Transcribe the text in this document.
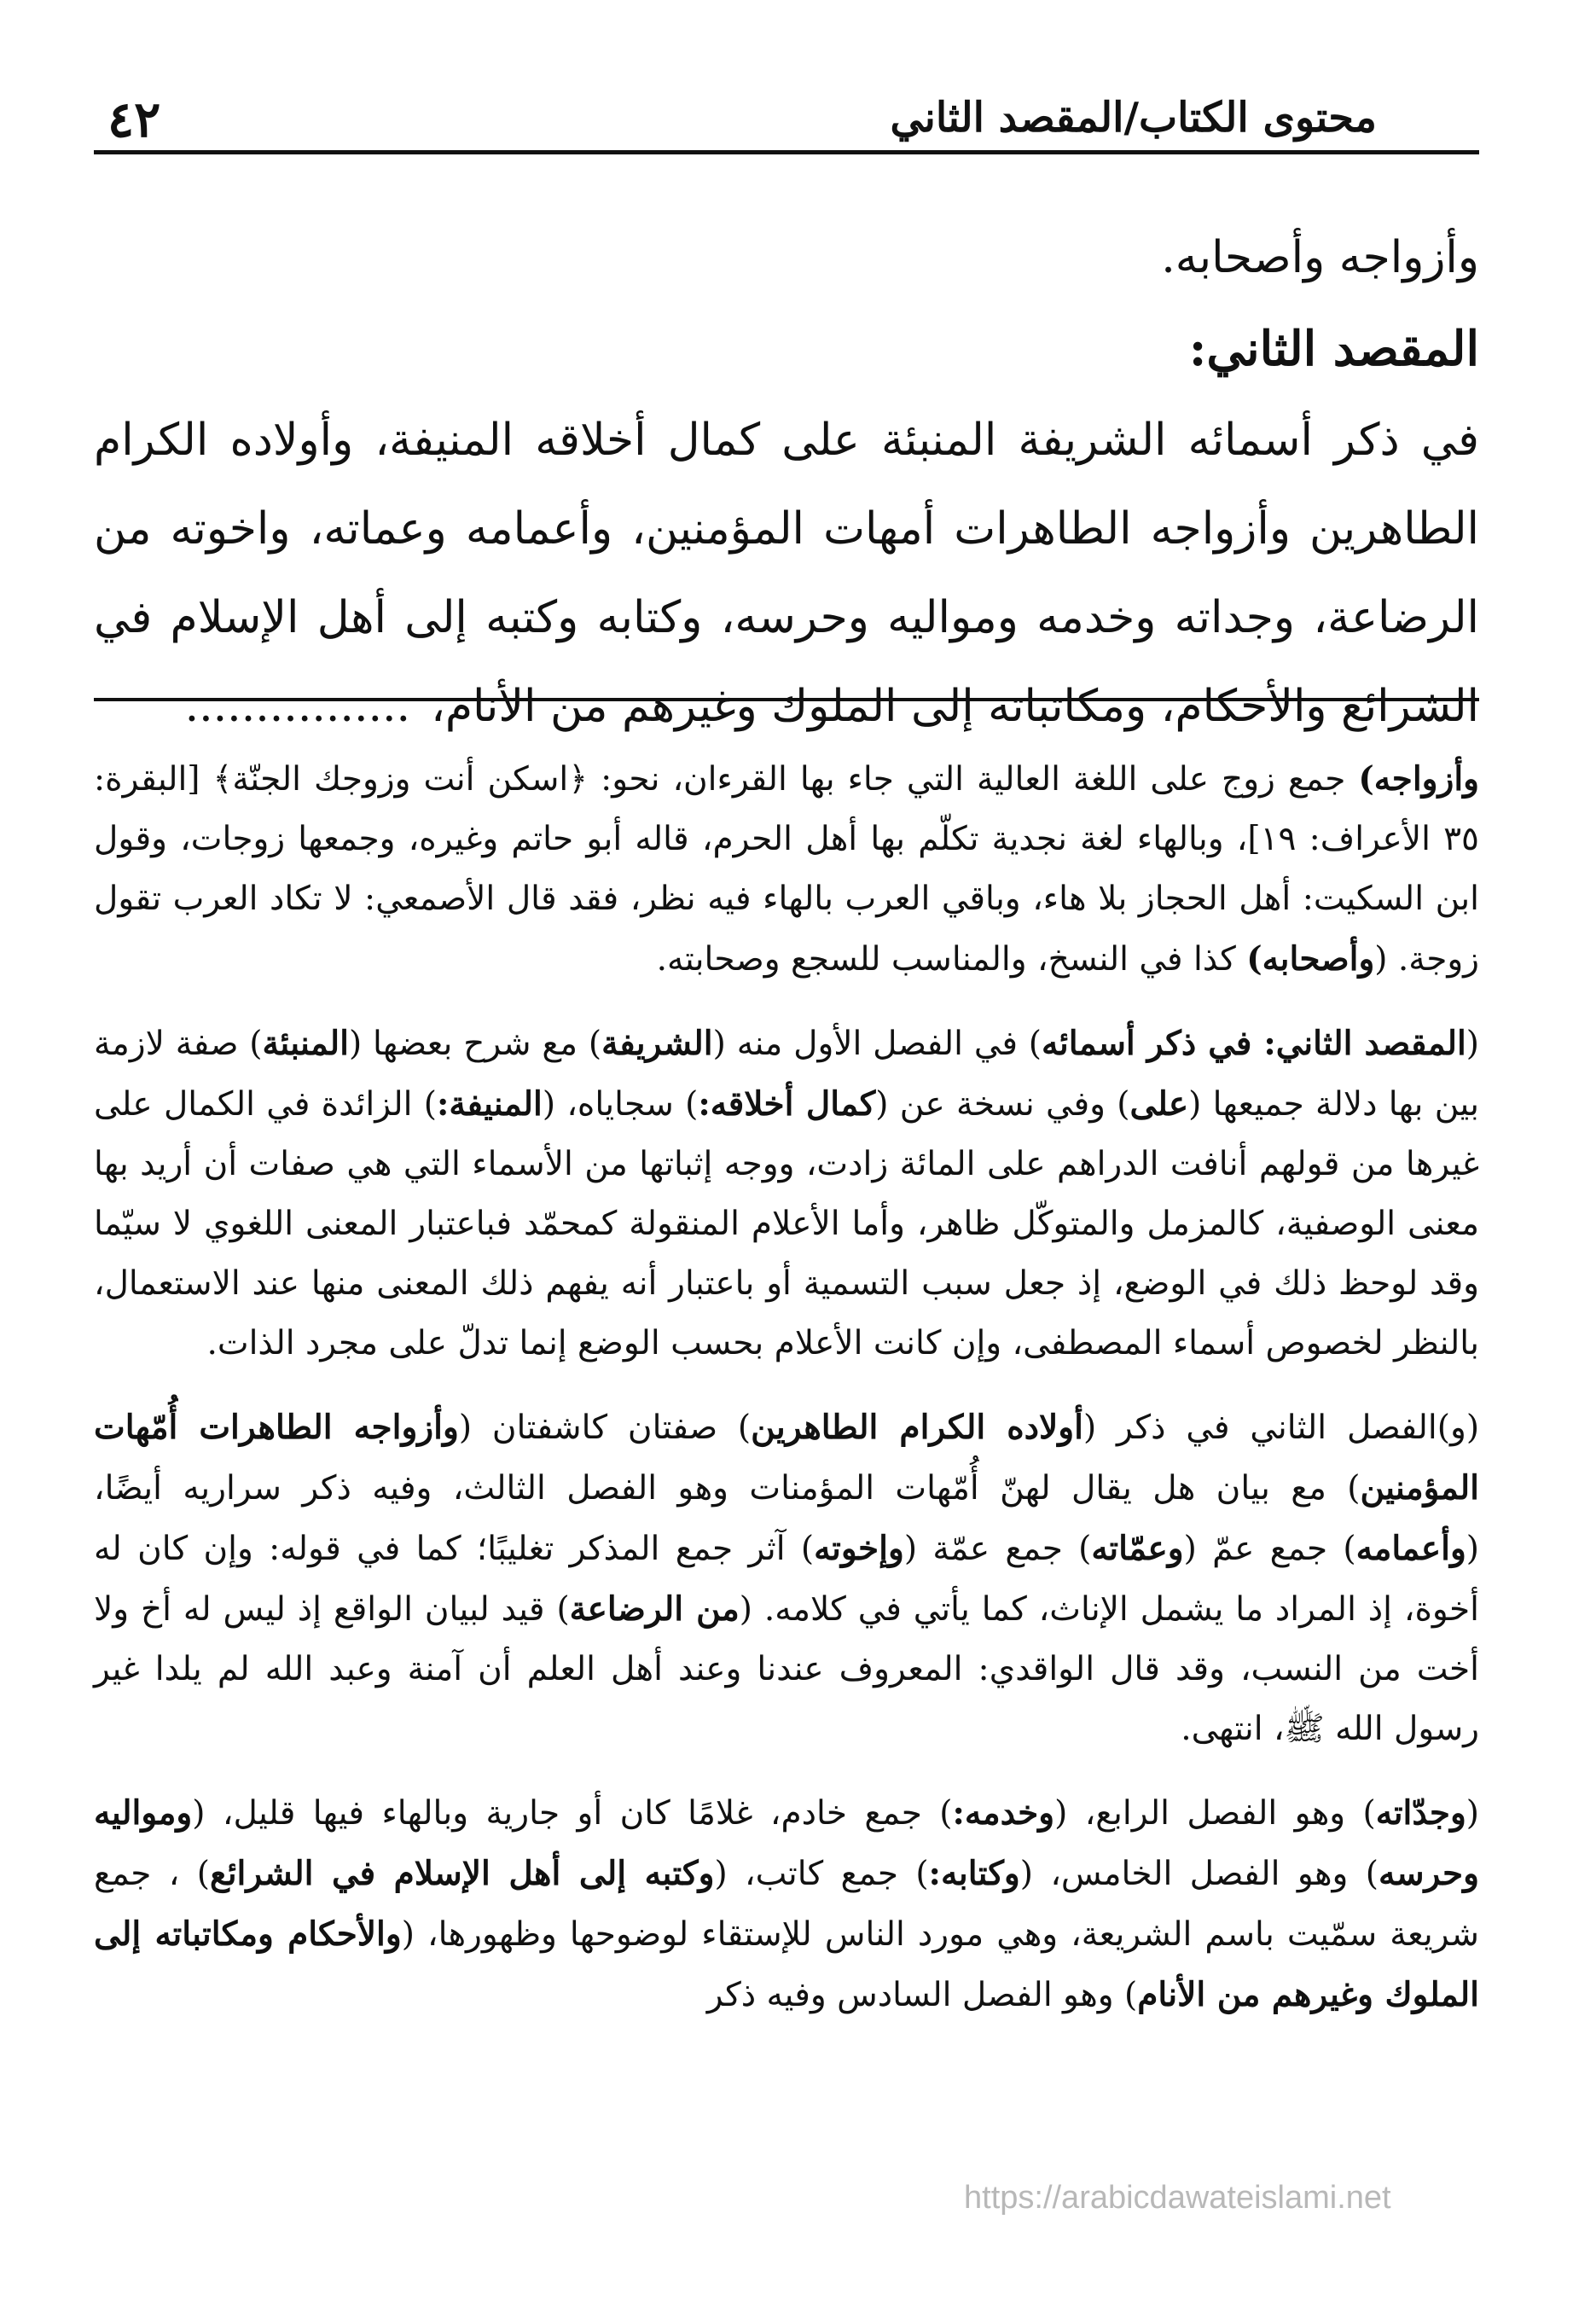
٤٢	محتوى الكتاب/المقصد الثاني

وأزواجه وأصحابه.

المقصد الثاني:

في ذكر أسمائه الشريفة المنبئة على كمال أخلاقه المنيفة، وأولاده الكرام الطاهرين وأزواجه الطاهرات أمهات المؤمنين، وأعمامه وعماته، واخوته من الرضاعة، وجداته وخدمه ومواليه وحرسه، وكتابه وكتبه إلى أهل الإسلام في الشرائع والأحكام، ومكاتباته إلى الملوك وغيرهم من الأنام،................

وأزواجه) جمع زوج على اللغة العالية التي جاء بها القرءان، نحو: ﴿اسكن أنت وزوجك الجنّة﴾ [البقرة: ٣٥ الأعراف: ١٩]، وبالهاء لغة نجدية تكلّم بها أهل الحرم، قاله أبو حاتم وغيره، وجمعها زوجات، وقول ابن السكيت: أهل الحجاز بلا هاء، وباقي العرب بالهاء فيه نظر، فقد قال الأصمعي: لا تكاد العرب تقول زوجة. (وأصحابه) كذا في النسخ، والمناسب للسجع وصحابته.

(المقصد الثاني: في ذكر أسمائه) في الفصل الأول منه (الشريفة) مع شرح بعضها (المنبئة) صفة لازمة بين بها دلالة جميعها (على) وفي نسخة عن (كمال أخلاقه:) سجاياه، (المنيفة:) الزائدة في الكمال على غيرها من قولهم أنافت الدراهم على المائة زادت، ووجه إثباتها من الأسماء التي هي صفات أن أريد بها معنى الوصفية، كالمزمل والمتوكّل ظاهر، وأما الأعلام المنقولة كمحمّد فباعتبار المعنى اللغوي لا سيّما وقد لوحظ ذلك في الوضع، إذ جعل سبب التسمية أو باعتبار أنه يفهم ذلك المعنى منها عند الاستعمال، بالنظر لخصوص أسماء المصطفى، وإن كانت الأعلام بحسب الوضع إنما تدلّ على مجرد الذات.

(و)الفصل الثاني في ذكر (أولاده الكرام الطاهرين) صفتان كاشفتان (وأزواجه الطاهرات أُمّهات المؤمنين) مع بيان هل يقال لهنّ أُمّهات المؤمنات وهو الفصل الثالث، وفيه ذكر سراريه أيضًا، (وأعمامه) جمع عمّ (وعمّاته) جمع عمّة (وإخوته) آثر جمع المذكر تغليبًا؛ كما في قوله: وإن كان له أخوة، إذ المراد ما يشمل الإناث، كما يأتي في كلامه. (من الرضاعة) قيد لبيان الواقع إذ ليس له أخ ولا أخت من النسب، وقد قال الواقدي: المعروف عندنا وعند أهل العلم أن آمنة وعبد الله لم يلدا غير رسول الله ﷺ، انتهى.

(وجدّاته) وهو الفصل الرابع، (وخدمه:) جمع خادم، غلامًا كان أو جارية وبالهاء فيها قليل، (ومواليه وحرسه) وهو الفصل الخامس، (وكتابه:) جمع كاتب، (وكتبه إلى أهل الإسلام في الشرائع) ، جمع شريعة سمّيت باسم الشريعة، وهي مورد الناس للإستقاء لوضوحها وظهورها، (والأحكام ومكاتباته إلى الملوك وغيرهم من الأنام) وهو الفصل السادس وفيه ذكر

https://arabicdawateislami.net
